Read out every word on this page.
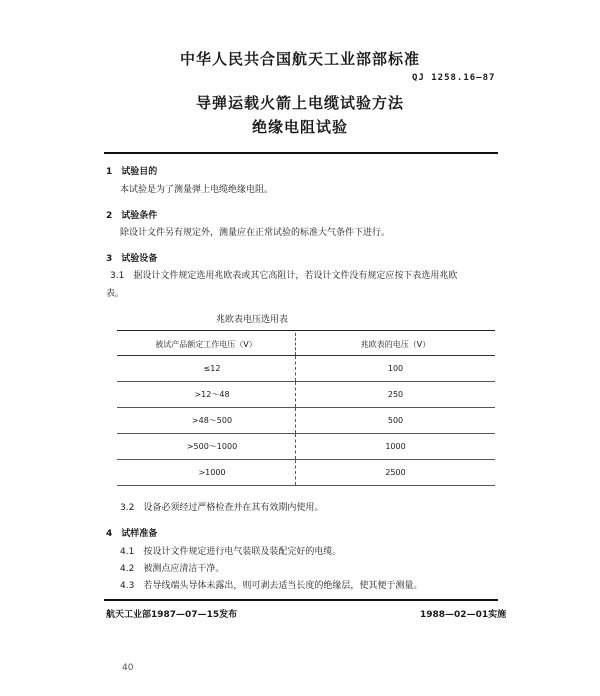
中华人民共合国航天工业部部标准
QJ 1258.16—87
导弹运载火箭上电缆试验方法
绝缘电阻试验
1　试验目的
本试验是为了测量弹上电缆绝缘电阻。
2　试验条件
除设计文件另有规定外，测量应在正常试验的标准大气条件下进行。
3　试验设备
3.1　据设计文件规定选用兆欧表或其它高阻计，若设计文件没有规定应按下表选用兆欧
表。
兆欧表电压选用表
被试产品额定工作电压（V）	兆欧表的电压（V）
≤12	100
>12～48	250
>48～500	500
>500～1000	1000
>1000	2500
3.2　设备必须经过严格检查并在其有效期内使用。
4　试样准备
4.1　按设计文件规定进行电气装联及装配完好的电缆。
4.2　被测点应清洁干净。
4.3　若导线端头导体未露出，则可剥去适当长度的绝缘层，使其便于测量。
航天工业部1987—07—15发布	1988—02—01实施
40
